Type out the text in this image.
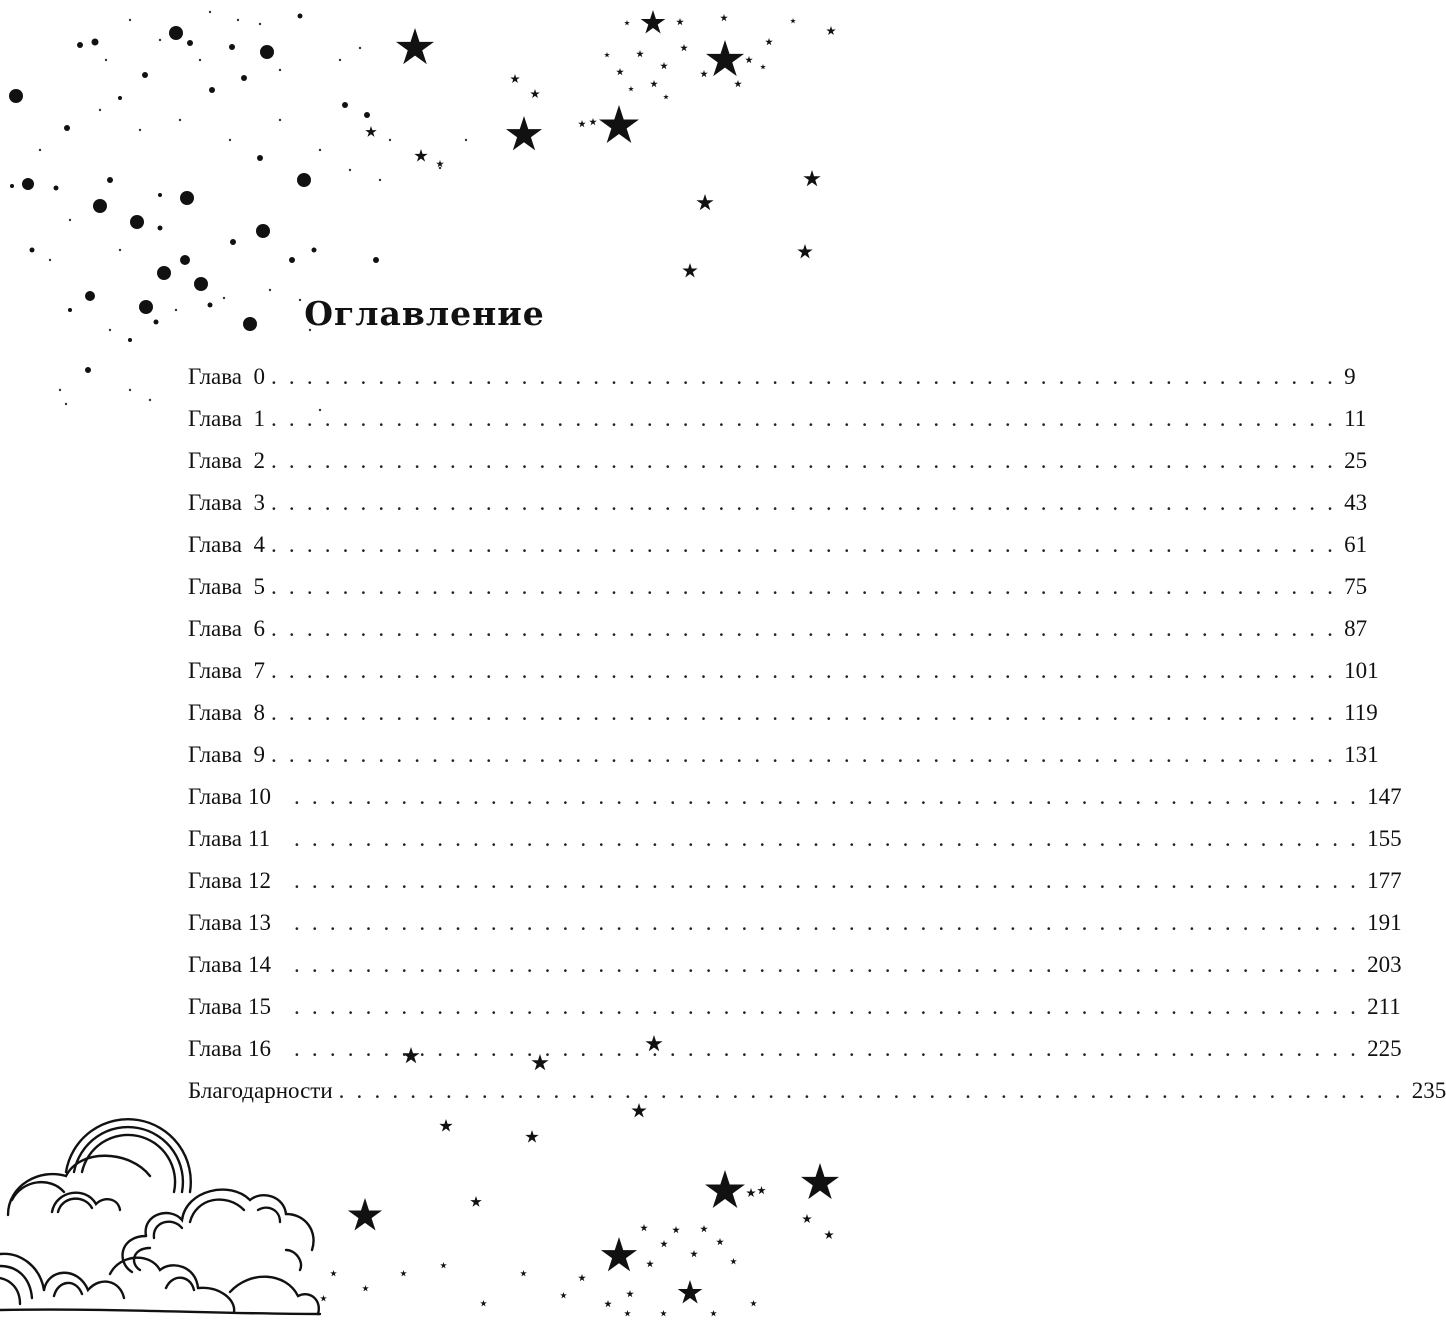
Оглавление
Глава 0 . . . . . . . . . . . . . . . . . . . . . . . . . . . . . . . . . . . . . . . . . . . . . . . . . . . . . . . . . . . . 9
Глава 1 . . . . . . . . . . . . . . . . . . . . . . . . . . . . . . . . . . . . . . . . . . . . . . . . . . . . . . . . . . . . 11
Глава 2 . . . . . . . . . . . . . . . . . . . . . . . . . . . . . . . . . . . . . . . . . . . . . . . . . . . . . . . . . . . . 25
Глава 3 . . . . . . . . . . . . . . . . . . . . . . . . . . . . . . . . . . . . . . . . . . . . . . . . . . . . . . . . . . . . 43
Глава 4 . . . . . . . . . . . . . . . . . . . . . . . . . . . . . . . . . . . . . . . . . . . . . . . . . . . . . . . . . . . . 61
Глава 5 . . . . . . . . . . . . . . . . . . . . . . . . . . . . . . . . . . . . . . . . . . . . . . . . . . . . . . . . . . . . 75
Глава 6 . . . . . . . . . . . . . . . . . . . . . . . . . . . . . . . . . . . . . . . . . . . . . . . . . . . . . . . . . . . . 87
Глава 7 . . . . . . . . . . . . . . . . . . . . . . . . . . . . . . . . . . . . . . . . . . . . . . . . . . . . . . . . . . . . 101
Глава 8 . . . . . . . . . . . . . . . . . . . . . . . . . . . . . . . . . . . . . . . . . . . . . . . . . . . . . . . . . . . . 119
Глава 9 . . . . . . . . . . . . . . . . . . . . . . . . . . . . . . . . . . . . . . . . . . . . . . . . . . . . . . . . . . . . 131
Глава 10	. . . . . . . . . . . . . . . . . . . . . . . . . . . . . . . . . . . . . . . . . . . . . . . . . . . . . . . . . . . . 147
Глава 11	. . . . . . . . . . . . . . . . . . . . . . . . . . . . . . . . . . . . . . . . . . . . . . . . . . . . . . . . . . . . 155
Глава 12	. . . . . . . . . . . . . . . . . . . . . . . . . . . . . . . . . . . . . . . . . . . . . . . . . . . . . . . . . . . . 177
Глава 13	. . . . . . . . . . . . . . . . . . . . . . . . . . . . . . . . . . . . . . . . . . . . . . . . . . . . . . . . . . . . 191
Глава 14	. . . . . . . . . . . . . . . . . . . . . . . . . . . . . . . . . . . . . . . . . . . . . . . . . . . . . . . . . . . . 203
Глава 15	. . . . . . . . . . . . . . . . . . . . . . . . . . . . . . . . . . . . . . . . . . . . . . . . . . . . . . . . . . . . 211
Глава 16	. . . . . . . . . . . . . . . . . . . . . . . . . . . . . . . . . . . . . . . . . . . . . . . . . . . . . . . . . . . . 225
Благодарности . . . . . . . . . . . . . . . . . . . . . . . . . . . . . . . . . . . . . . . . . . . . . . . . . . . . . . . . . . . . 235
